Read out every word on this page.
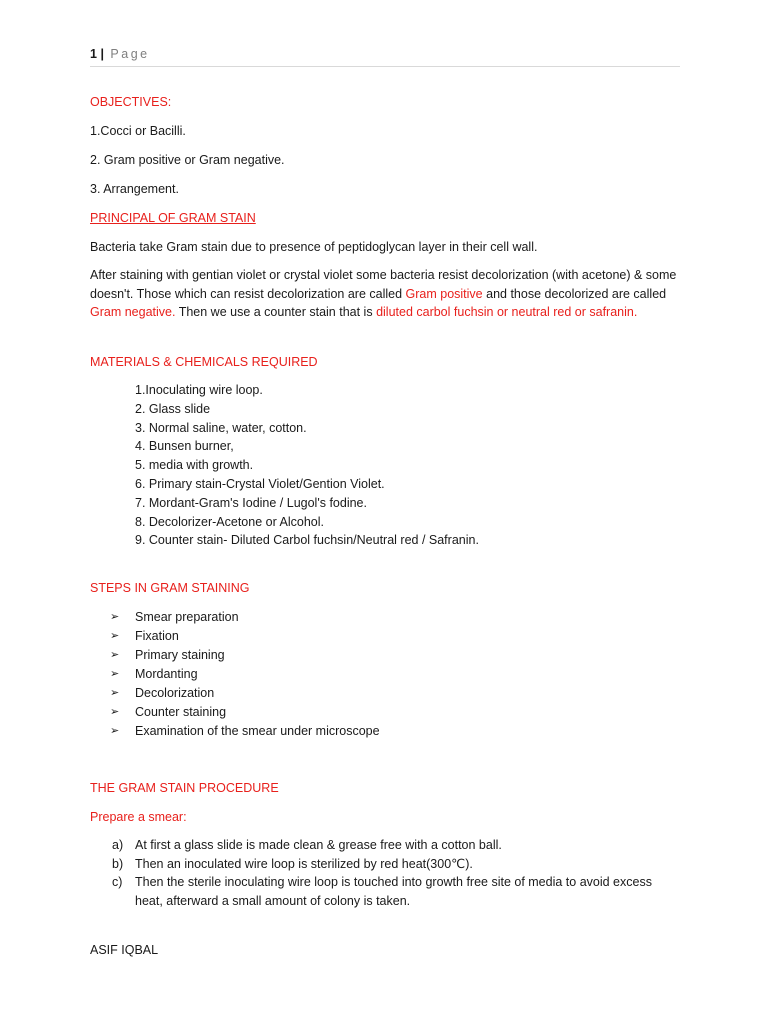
1 | Page

OBJECTIVES:

1.Cocci or Bacilli.

2. Gram positive or Gram negative.

3. Arrangement.

PRINCIPAL OF GRAM STAIN

Bacteria take Gram stain due to presence of peptidoglycan layer in their cell wall.

After staining with gentian violet or crystal violet some bacteria resist decolorization (with acetone) & some doesn't. Those which can resist decolorization are called Gram positive and those decolorized are called Gram negative. Then we use a counter stain that is diluted carbol fuchsin or neutral red or safranin.

MATERIALS & CHEMICALS REQUIRED

1.Inoculating wire loop.
2. Glass slide
3. Normal saline, water, cotton.
4. Bunsen burner,
5. media with growth.
6. Primary stain-Crystal Violet/Gention Violet.
7. Mordant-Gram's Iodine / Lugol's fodine.
8. Decolorizer-Acetone or Alcohol.
9. Counter stain- Diluted Carbol fuchsin/Neutral red / Safranin.

STEPS IN GRAM STAINING

➢ Smear preparation
➢ Fixation
➢ Primary staining
➢ Mordanting
➢ Decolorization
➢ Counter staining
➢ Examination of the smear under microscope

THE GRAM STAIN PROCEDURE

Prepare a smear:

a) At first a glass slide is made clean & grease free with a cotton ball.
b) Then an inoculated wire loop is sterilized by red heat(300℃).
c) Then the sterile inoculating wire loop is touched into growth free site of media to avoid excess heat, afterward a small amount of colony is taken.
ASIF IQBAL
